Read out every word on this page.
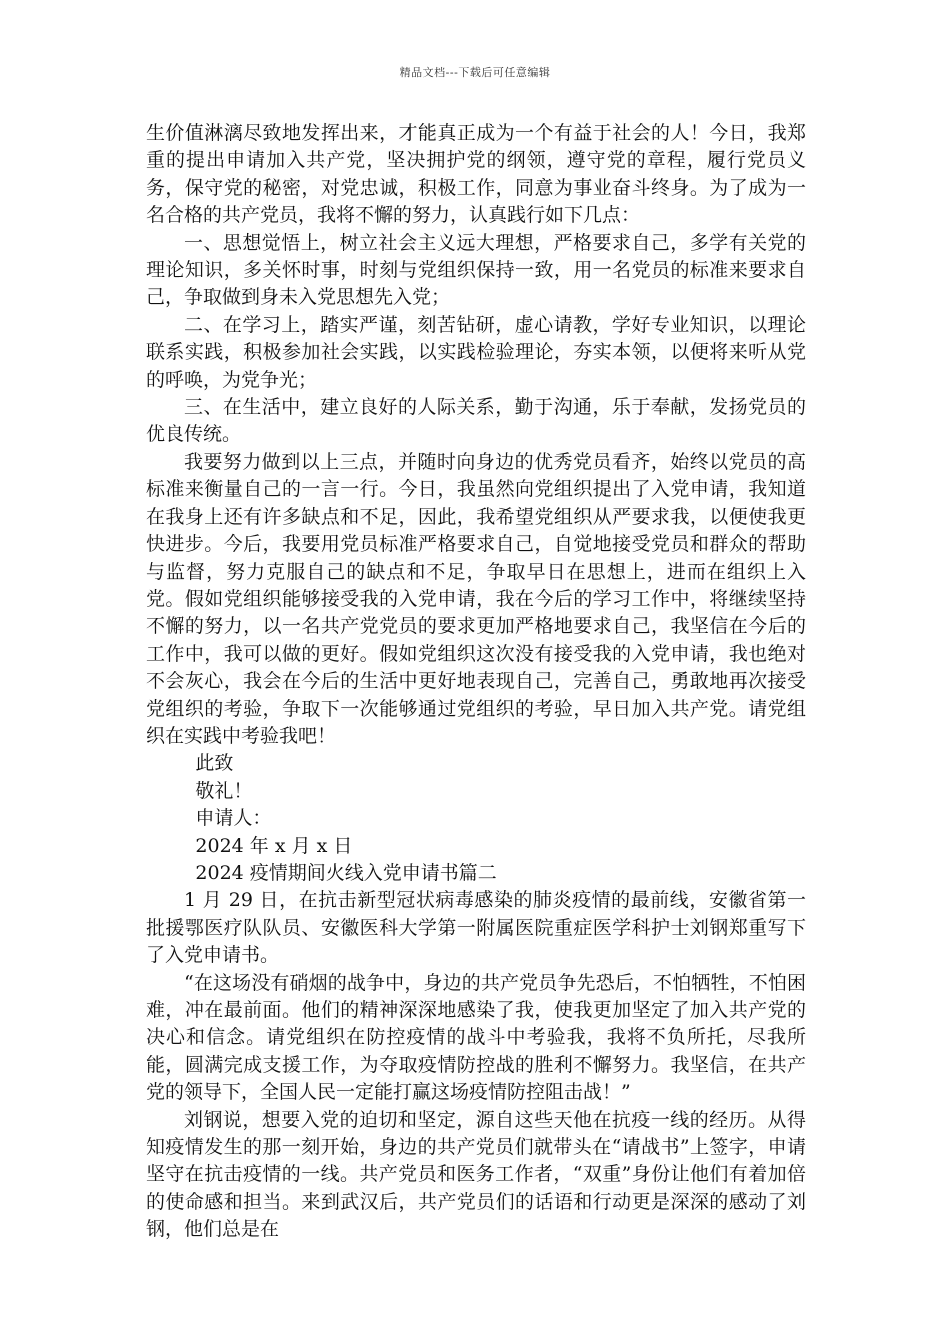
精品文档---下载后可任意编辑

生价值淋漓尽致地发挥出来，才能真正成为一个有益于社会的人！今日，我郑重的提出申请加入共产党，坚决拥护党的纲领，遵守党的章程，履行党员义务，保守党的秘密，对党忠诚，积极工作，同意为事业奋斗终身。为了成为一名合格的共产党员，我将不懈的努力，认真践行如下几点：

一、思想觉悟上，树立社会主义远大理想，严格要求自己，多学有关党的理论知识，多关怀时事，时刻与党组织保持一致，用一名党员的标准来要求自己，争取做到身未入党思想先入党；

二、在学习上，踏实严谨，刻苦钻研，虚心请教，学好专业知识，以理论联系实践，积极参加社会实践，以实践检验理论，夯实本领，以便将来听从党的呼唤，为党争光；

三、在生活中，建立良好的人际关系，勤于沟通，乐于奉献，发扬党员的优良传统。

我要努力做到以上三点，并随时向身边的优秀党员看齐，始终以党员的高标准来衡量自己的一言一行。今日，我虽然向党组织提出了入党申请，我知道在我身上还有许多缺点和不足，因此，我希望党组织从严要求我，以便使我更快进步。今后，我要用党员标准严格要求自己，自觉地接受党员和群众的帮助与监督，努力克服自己的缺点和不足，争取早日在思想上，进而在组织上入党。假如党组织能够接受我的入党申请，我在今后的学习工作中，将继续坚持不懈的努力，以一名共产党党员的要求更加严格地要求自己，我坚信在今后的工作中，我可以做的更好。假如党组织这次没有接受我的入党申请，我也绝对不会灰心，我会在今后的生活中更好地表现自己，完善自己，勇敢地再次接受党组织的考验，争取下一次能够通过党组织的考验，早日加入共产党。请党组织在实践中考验我吧！

此致

敬礼！

申请人：

2024 年 x 月 x 日

2024 疫情期间火线入党申请书篇二

1 月 29 日，在抗击新型冠状病毒感染的肺炎疫情的最前线，安徽省第一批援鄂医疗队队员、安徽医科大学第一附属医院重症医学科护士刘钢郑重写下了入党申请书。

“在这场没有硝烟的战争中，身边的共产党员争先恐后，不怕牺牲，不怕困难，冲在最前面。他们的精神深深地感染了我，使我更加坚定了加入共产党的决心和信念。请党组织在防控疫情的战斗中考验我，我将不负所托，尽我所能，圆满完成支援工作，为夺取疫情防控战的胜利不懈努力。我坚信，在共产党的领导下，全国人民一定能打赢这场疫情防控阻击战！”

刘钢说，想要入党的迫切和坚定，源自这些天他在抗疫一线的经历。从得知疫情发生的那一刻开始，身边的共产党员们就带头在“请战书”上签字，申请坚守在抗击疫情的一线。共产党员和医务工作者，“双重”身份让他们有着加倍的使命感和担当。来到武汉后，共产党员们的话语和行动更是深深的感动了刘钢，他们总是在
